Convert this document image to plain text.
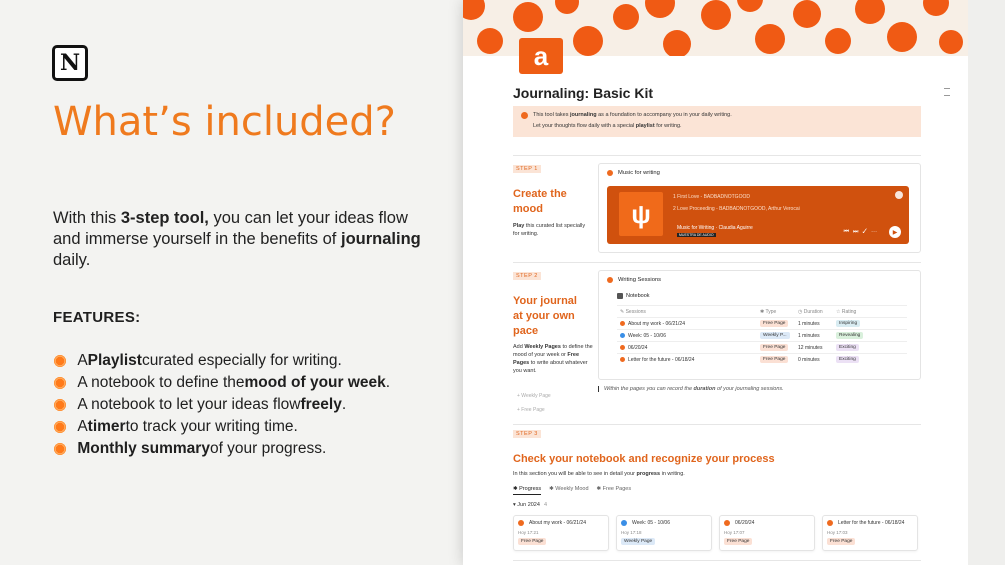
N
What’s included?

With this 3-step tool, you can let your ideas flow and immerse yourself in the benefits of journaling daily.

FEATURES:

A Playlist curated especially for writing.

A notebook to define the mood of your week .

A notebook to let your ideas flow freely .

A timer to track your writing time.

Monthly summary of your progress.
a
Journaling: Basic Kit
This tool takes journaling as a foundation to accompany you in your daily writing.
Let your thoughts flow daily with a special playlist for writing.
STEP 1
Create the mood
Play this curated list specially for writing.
Music for writing
ψ
1 First Love - BADBADNOTGOOD
2 Love Proceeding - BADBADNOTGOOD, Arthur Verocai
Music for Writing · Claudia Aguirre
MUESTRA DE AUDIO	⏮⏭✓⋯	▶
STEP 2
Your journal at your own pace
Add Weekly Pages to define the mood of your week or Free Pages to write about whatever you want.
+ Weekly Page
+ Free Page
Writing Sessions
Notebook
✎ Sessions	✱ Type	◷ Duration	☆ Rating
About my work - 06/21/24	Free Page	1 minutes	Inspiring
Week: 05 - 10/06	Weekly P...	1 minutes	Revealing
06/20/24	Free Page	12 minutes	Exciting
Letter for the future - 06/18/24	Free Page	0 minutes	Exciting
Within the pages you can record the duration of your journaling sessions.
STEP 3
Check your notebook and recognize your process
In this section you will be able to see in detail your progress in writing.
✱ Progress ✱ Weekly Mood ✱ Free Pages
▾ Jun 2024 4
About my work - 06/21/24
Hoy 17:21
Free Page
Week: 05 - 10/06
Hoy 17:18
Weekly Page
06/20/24
Hoy 17:07
Free Page
Letter for the future - 06/18/24
Hoy 17:03
Free Page
